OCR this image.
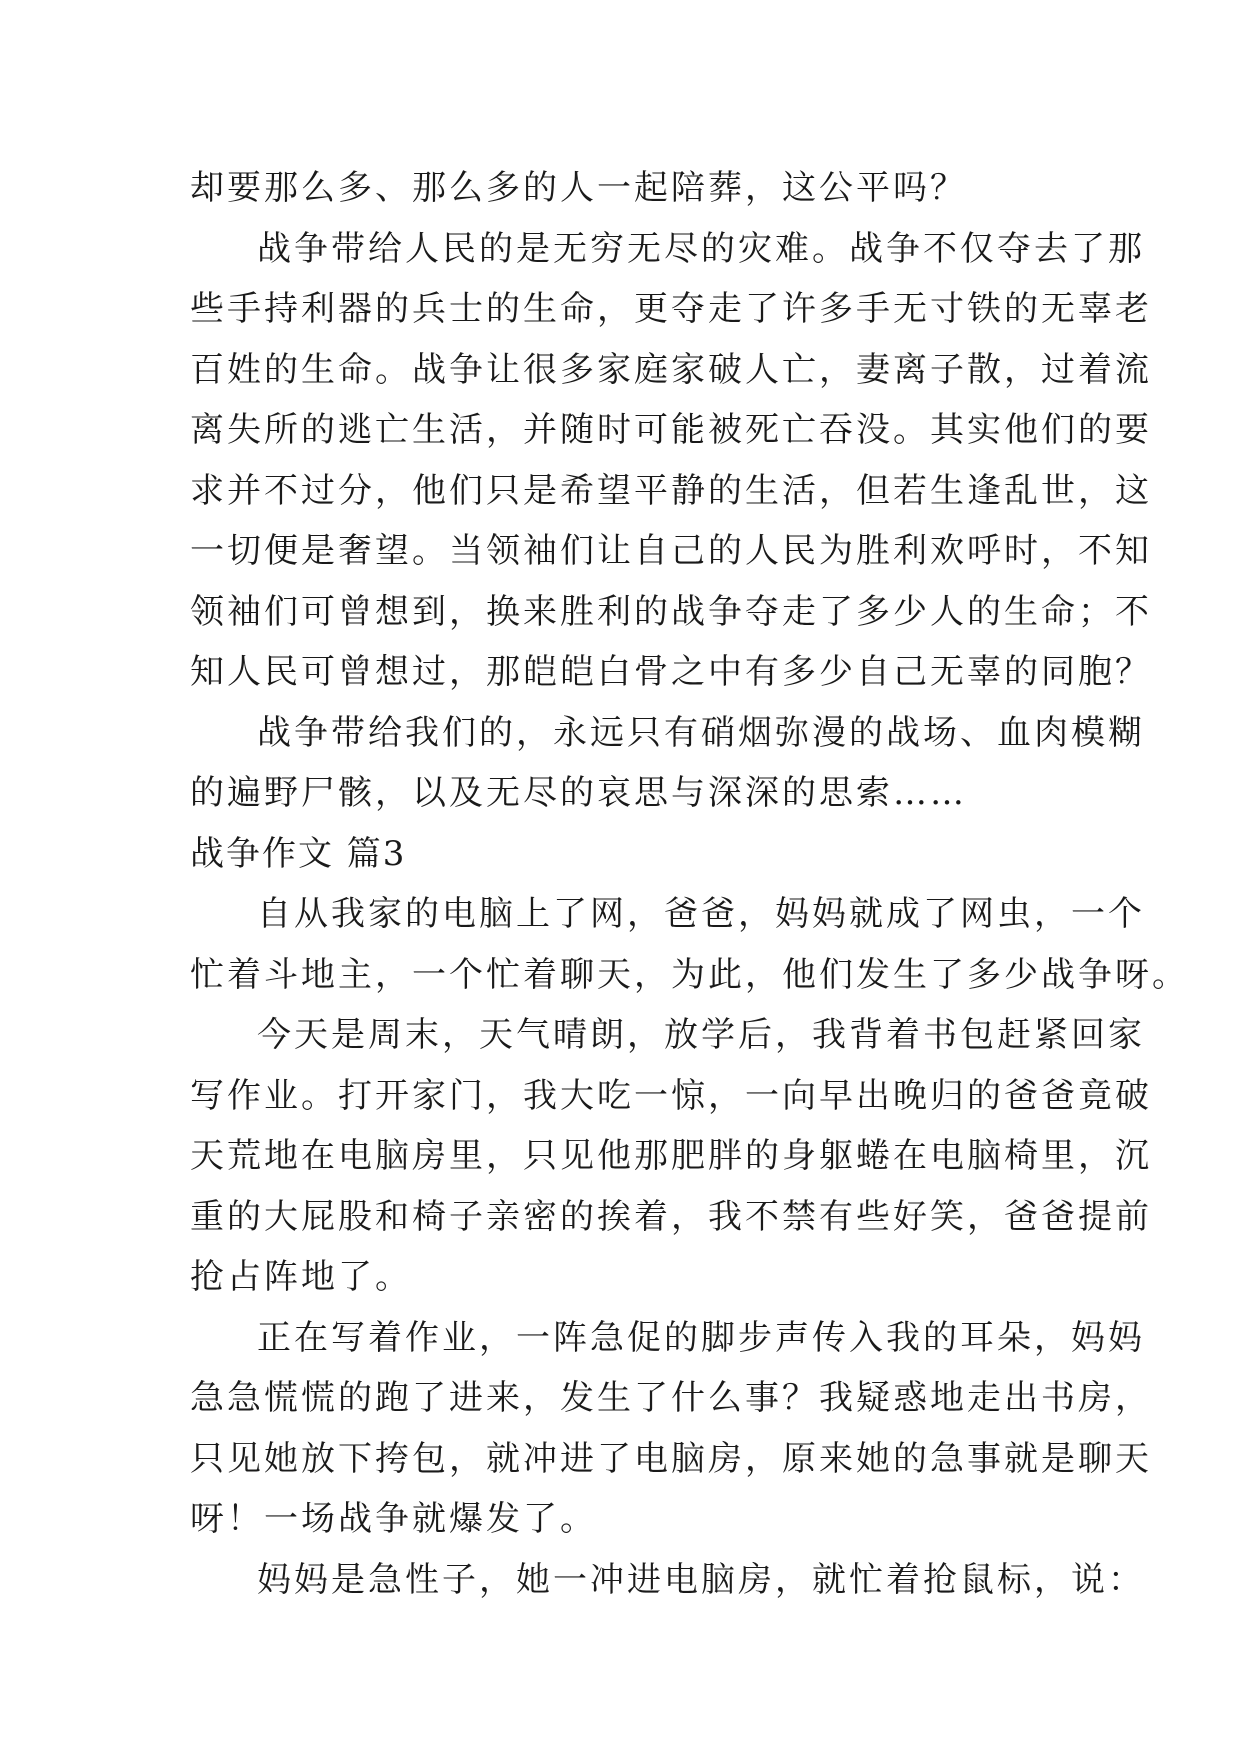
却要那么多、那么多的人一起陪葬，这公平吗？
战争带给人民的是无穷无尽的灾难。战争不仅夺去了那
些手持利器的兵士的生命，更夺走了许多手无寸铁的无辜老
百姓的生命。战争让很多家庭家破人亡，妻离子散，过着流
离失所的逃亡生活，并随时可能被死亡吞没。其实他们的要
求并不过分，他们只是希望平静的生活，但若生逢乱世，这
一切便是奢望。当领袖们让自己的人民为胜利欢呼时，不知
领袖们可曾想到，换来胜利的战争夺走了多少人的生命；不
知人民可曾想过，那皑皑白骨之中有多少自己无辜的同胞？
战争带给我们的，永远只有硝烟弥漫的战场、血肉模糊
的遍野尸骸，以及无尽的哀思与深深的思索……
战争作文 篇3
自从我家的电脑上了网，爸爸，妈妈就成了网虫，一个
忙着斗地主，一个忙着聊天，为此，他们发生了多少战争呀。
今天是周末，天气晴朗，放学后，我背着书包赶紧回家
写作业。打开家门，我大吃一惊，一向早出晚归的爸爸竟破
天荒地在电脑房里，只见他那肥胖的身躯蜷在电脑椅里，沉
重的大屁股和椅子亲密的挨着，我不禁有些好笑，爸爸提前
抢占阵地了。
正在写着作业，一阵急促的脚步声传入我的耳朵，妈妈
急急慌慌的跑了进来，发生了什么事？我疑惑地走出书房，
只见她放下挎包，就冲进了电脑房，原来她的急事就是聊天
呀！一场战争就爆发了。
妈妈是急性子，她一冲进电脑房，就忙着抢鼠标，说：
